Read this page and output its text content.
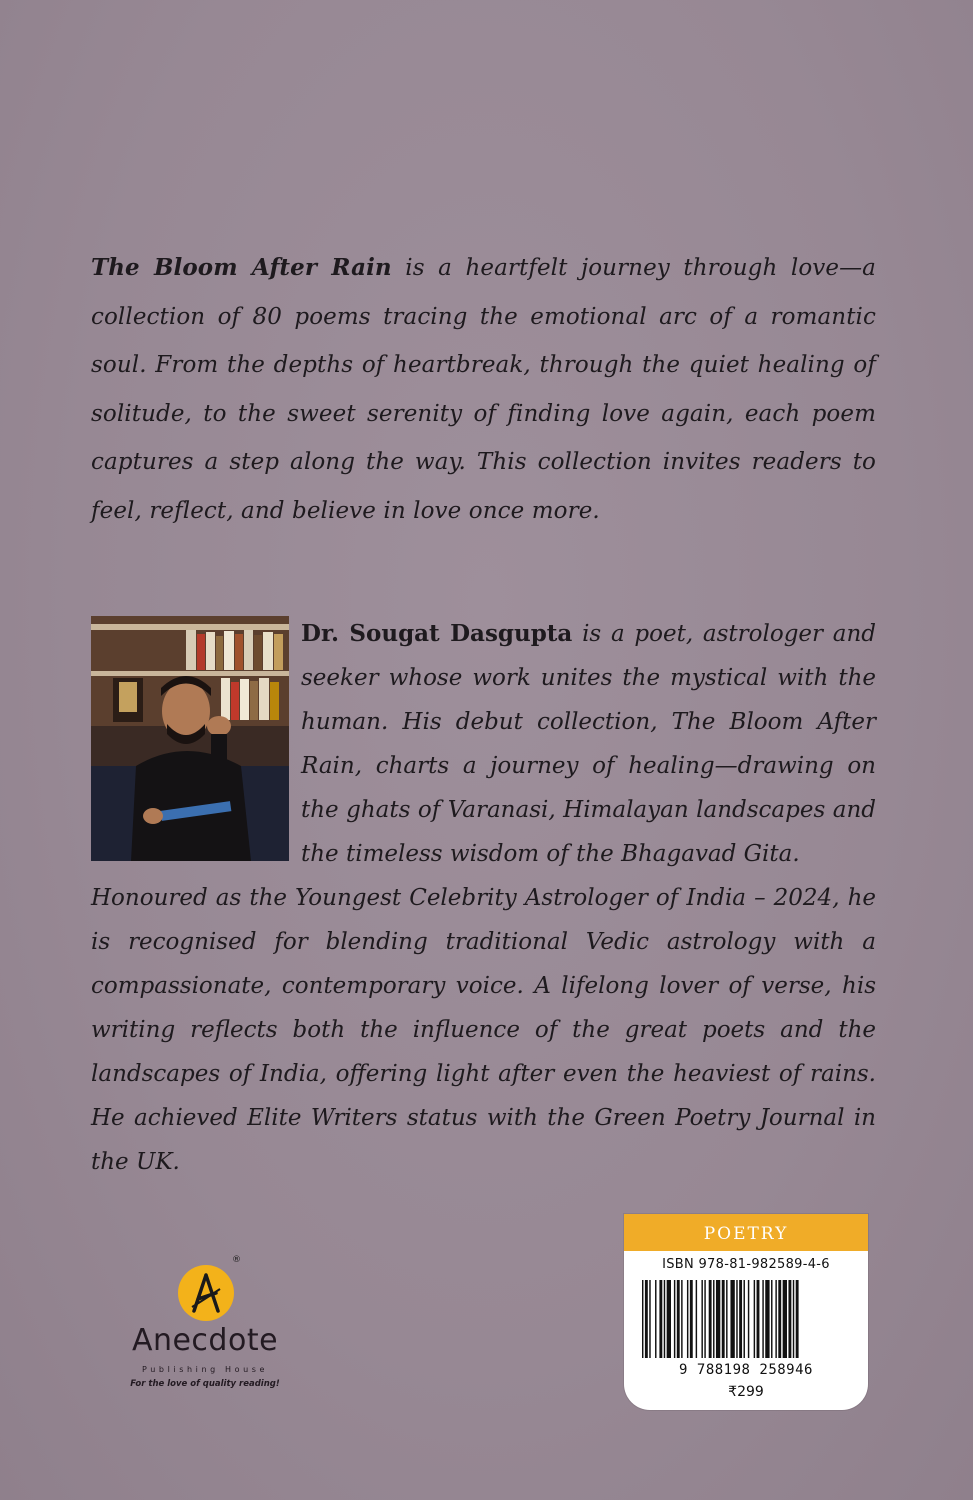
The Bloom After Rain is a heartfelt journey through love—a collection of 80 poems tracing the emotional arc of a romantic soul. From the depths of heartbreak, through the quiet healing of solitude, to the sweet serenity of finding love again, each poem captures a step along the way. This collection invites readers to feel, reflect, and believe in love once more.
Dr. Sougat Dasgupta is a poet, astrologer and seeker whose work unites the mystical with the human. His debut collection, The Bloom After Rain, charts a journey of healing—drawing on the ghats of Varanasi, Himalayan landscapes and the timeless wisdom of the Bhagavad Gita.
Honoured as the Youngest Celebrity Astrologer of India – 2024, he is recognised for blending traditional Vedic astrology with a compassionate, contemporary voice. A lifelong lover of verse, his writing reflects both the influence of the great poets and the landscapes of India, offering light after even the heaviest of rains. He achieved Elite Writers status with the Green Poetry Journal in the UK.
®
Anecdote
Publishing House
For the love of quality reading!
POETRY
ISBN 978-81-982589-4-6
9 788198 258946
₹299
